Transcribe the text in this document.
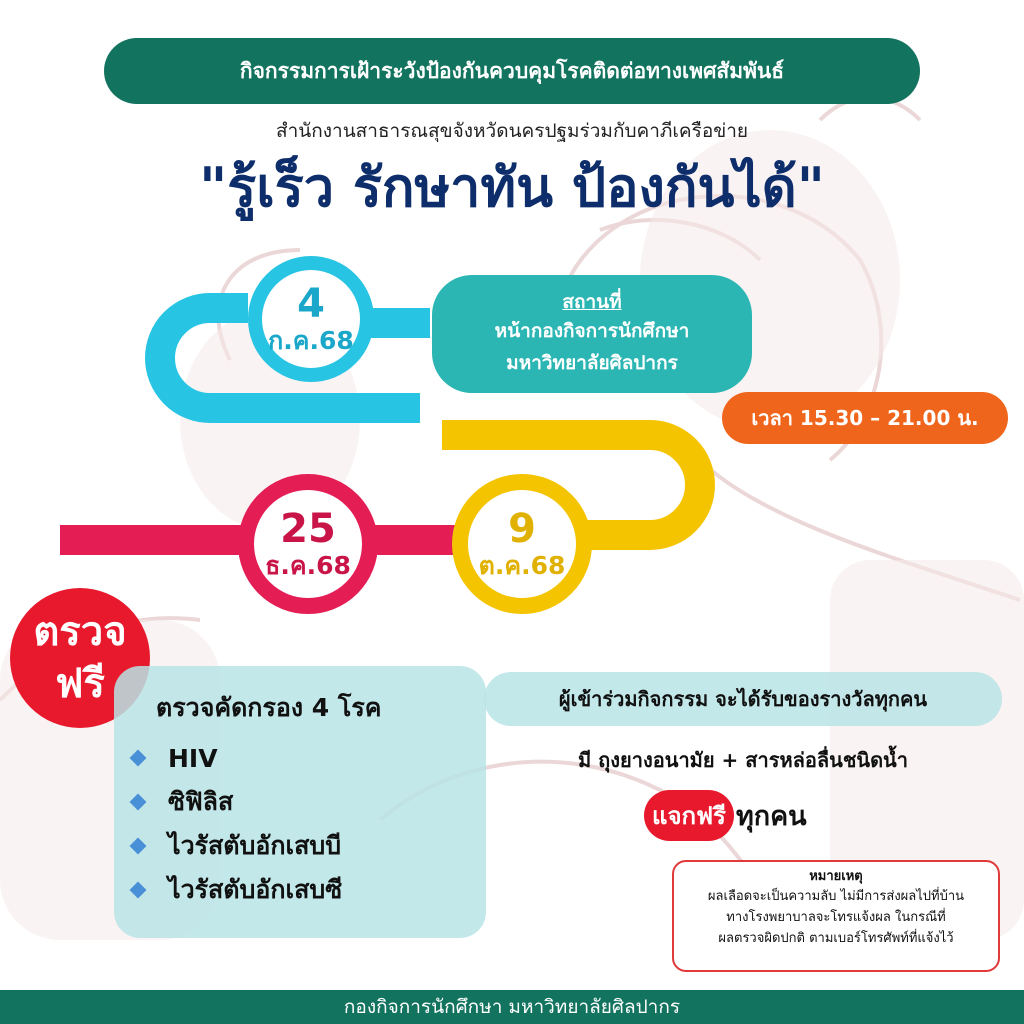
กิจกรรมการเฝ้าระวังป้องกันควบคุมโรคติดต่อทางเพศสัมพันธ์
สำนักงานสาธารณสุขจังหวัดนครปฐมร่วมกับคาภีเครือข่าย
"รู้เร็ว รักษาทัน ป้องกันได้"
4
ก.ค.68
25
ธ.ค.68
9
ต.ค.68
สถานที่
หน้ากองกิจการนักศึกษา
มหาวิทยาลัยศิลปากร
เวลา 15.30 – 21.00 น.
ตรวจ
ฟรี
ตรวจคัดกรอง 4 โรค
HIV
ซิฟิลิส
ไวรัสตับอักเสบบี
ไวรัสตับอักเสบซี
ผู้เข้าร่วมกิจกรรม จะได้รับของรางวัลทุกคน
มี ถุงยางอนามัย + สารหล่อลื่นชนิดน้ำ
แจกฟรี ทุกคน
หมายเหตุ
ผลเลือดจะเป็นความลับ ไม่มีการส่งผลไปที่บ้าน
ทางโรงพยาบาลจะโทรแจ้งผล ในกรณีที่
ผลตรวจผิดปกติ ตามเบอร์โทรศัพท์ที่แจ้งไว้
กองกิจการนักศึกษา มหาวิทยาลัยศิลปากร
